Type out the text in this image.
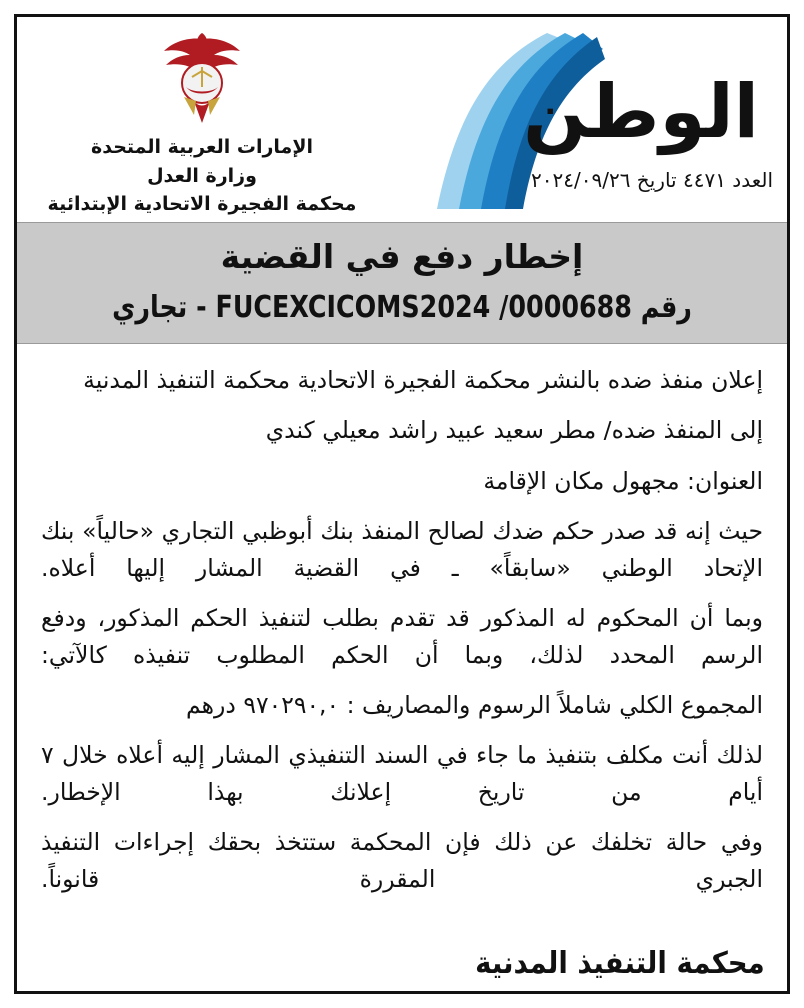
الوطن
العدد ٤٤٧١ تاريخ ٢٠٢٤/٠٩/٢٦
الإمارات العربية المتحدة
وزارة العدل
محكمة الفجيرة الاتحادية الإبتدائية
إخطار دفع في القضية
رقم 0000688/ FUCEXCICOMS2024 - تجاري

إعلان منفذ ضده بالنشر محكمة الفجيرة الاتحادية محكمة التنفيذ المدنية

إلى المنفذ ضده/ مطر سعيد عبيد راشد معيلي كندي

العنوان: مجهول مكان الإقامة

حيث إنه قد صدر حكم ضدك لصالح المنفذ بنك أبوظبي التجاري «حالياً» بنك الإتحاد الوطني «سابقاً» ـ في القضية المشار إليها أعلاه.

وبما أن المحكوم له المذكور قد تقدم بطلب لتنفيذ الحكم المذكور، ودفع الرسم المحدد لذلك، وبما أن الحكم المطلوب تنفيذه كالآتي:

المجموع الكلي شاملاً الرسوم والمصاريف : ٩٧٠٢٩٠,٠ درهم

لذلك أنت مكلف بتنفيذ ما جاء في السند التنفيذي المشار إليه أعلاه خلال ٧ أيام من تاريخ إعلانك بهذا الإخطار.

وفي حالة تخلفك عن ذلك فإن المحكمة ستتخذ بحقك إجراءات التنفيذ الجبري المقررة قانوناً.

محكمة التنفيذ المدنية
